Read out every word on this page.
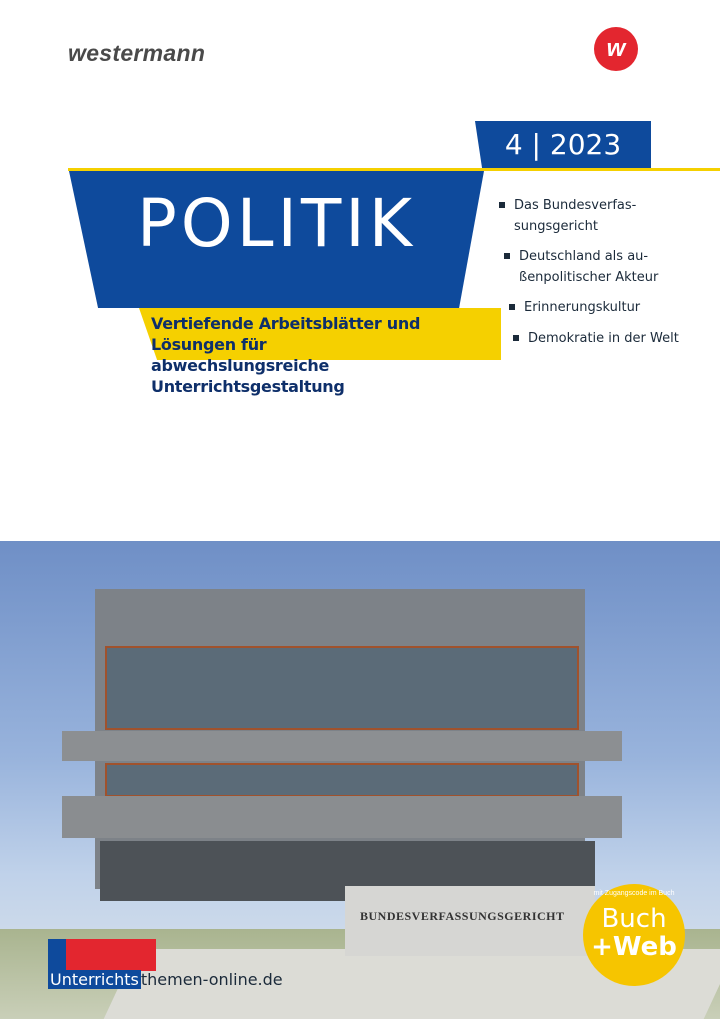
westermann	w
4 | 2023
POLITIK
Vertiefende Arbeitsblätter und Lösungen für
abwechslungsreiche Unterrichtsgestaltung
Das Bundesverfas-
sungsgericht
Deutschland als au-
ßenpolitischer Akteur
Erinnerungskultur
Demokratie in der Welt
BUNDESVERFASSUNGSGERICHT
mit Zugangscode im Buch
Buch
+Web
Unterrichts themen-online.de
